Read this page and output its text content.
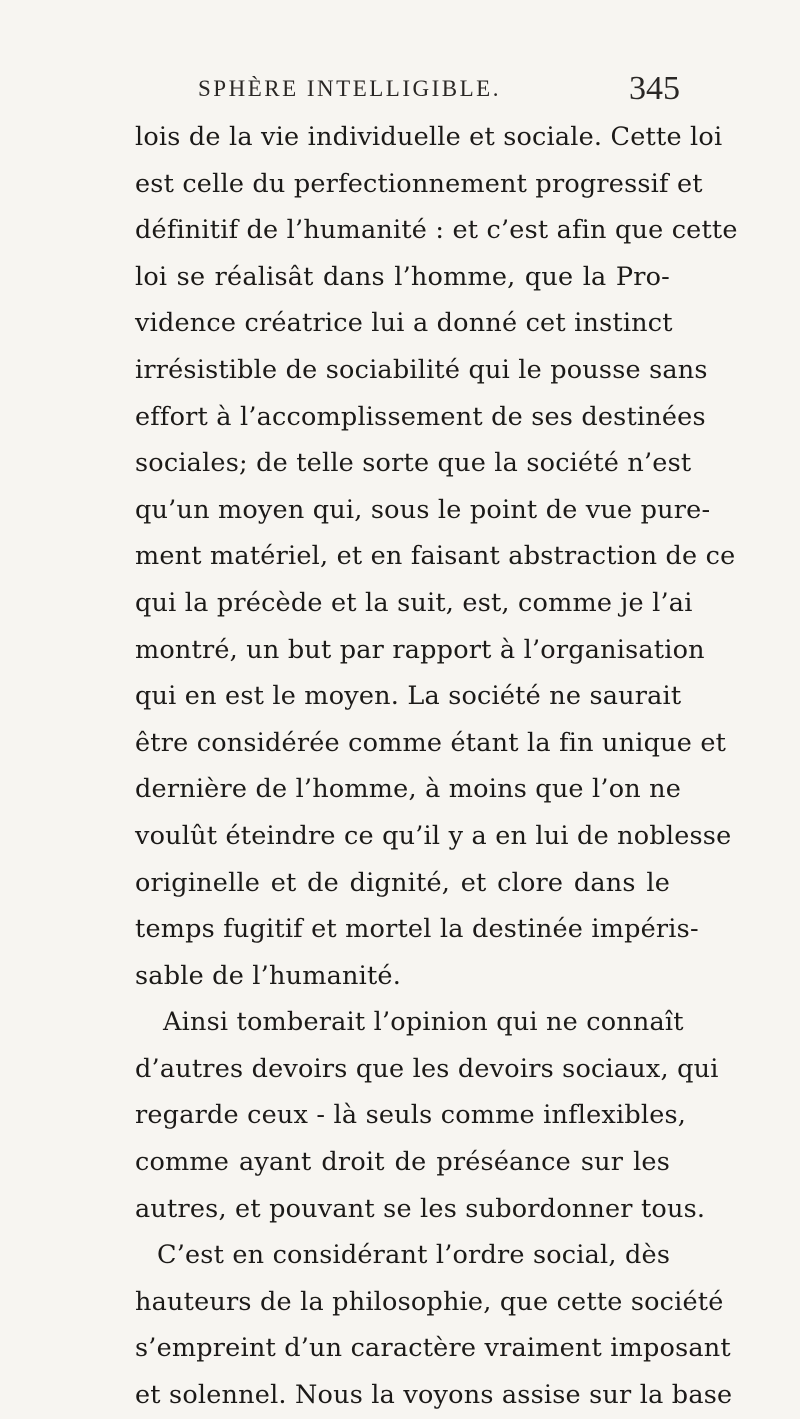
SPHÈRE INTELLIGIBLE.	345
lois de la vie individuelle et sociale. Cette loi
est celle du perfectionnement progressif et
définitif de l’humanité : et c’est afin que cette
loi se réalisât dans l’homme, que la Pro-
vidence créatrice lui a donné cet instinct
irrésistible de sociabilité qui le pousse sans
effort à l’accomplissement de ses destinées
sociales; de telle sorte que la société n’est
qu’un moyen qui, sous le point de vue pure-
ment matériel, et en faisant abstraction de ce
qui la précède et la suit, est, comme je l’ai
montré, un but par rapport à l’organisation
qui en est le moyen. La société ne saurait
être considérée comme étant la fin unique et
dernière de l’homme, à moins que l’on ne
voulût éteindre ce qu’il y a en lui de noblesse
originelle et de dignité, et clore dans le
temps fugitif et mortel la destinée impéris-
sable de l’humanité.
Ainsi tomberait l’opinion qui ne connaît
d’autres devoirs que les devoirs sociaux, qui
regarde ceux - là seuls comme inflexibles,
comme ayant droit de préséance sur les
autres, et pouvant se les subordonner tous.
C’est en considérant l’ordre social, dès
hauteurs de la philosophie, que cette société
s’empreint d’un caractère vraiment imposant
et solennel. Nous la voyons assise sur la base
